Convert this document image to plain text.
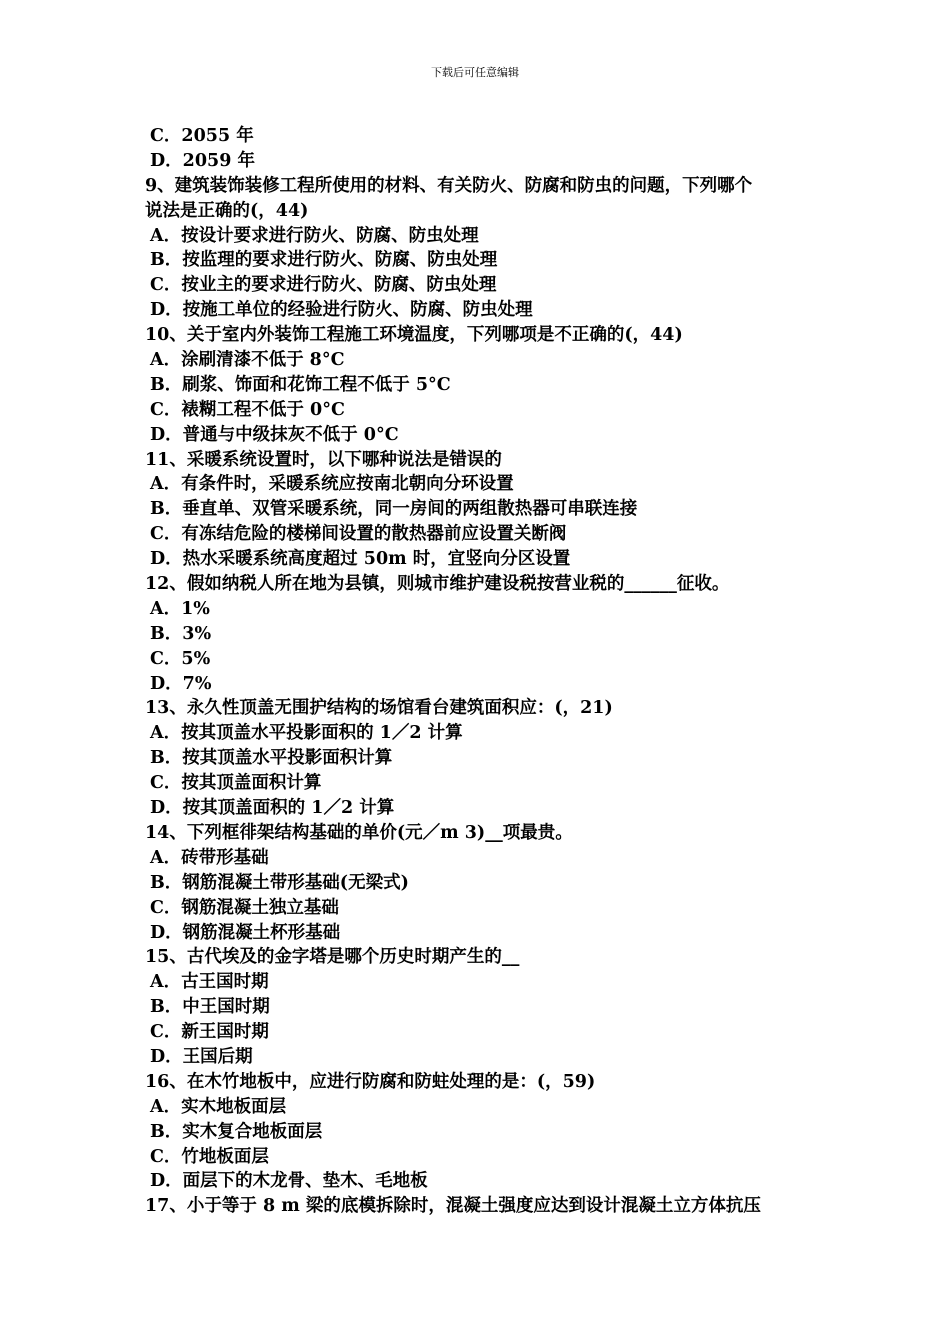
下载后可任意编辑
C．2055 年
D．2059 年
9、建筑装饰装修工程所使用的材料、有关防火、防腐和防虫的问题，下列哪个
说法是正确的(，44)
A．按设计要求进行防火、防腐、防虫处理
B．按监理的要求进行防火、防腐、防虫处理
C．按业主的要求进行防火、防腐、防虫处理
D．按施工单位的经验进行防火、防腐、防虫处理
10、关于室内外装饰工程施工环境温度，下列哪项是不正确的(，44)
A．涂刷清漆不低于 8°C
B．刷浆、饰面和花饰工程不低于 5°C
C．裱糊工程不低于 0°C
D．普通与中级抹灰不低于 0°C
11、采暖系统设置时，以下哪种说法是错误的
A．有条件时，采暖系统应按南北朝向分环设置
B．垂直单、双管采暖系统，同一房间的两组散热器可串联连接
C．有冻结危险的楼梯间设置的散热器前应设置关断阀
D．热水采暖系统高度超过 50m 时，宜竖向分区设置
12、假如纳税人所在地为县镇，则城市维护建设税按营业税的______征收。
A．1%
B．3%
C．5%
D．7%
13、永久性顶盖无围护结构的场馆看台建筑面积应：(，21)
A．按其顶盖水平投影面积的 1／2 计算
B．按其顶盖水平投影面积计算
C．按其顶盖面积计算
D．按其顶盖面积的 1／2 计算
14、下列框徘架结构基础的单价(元／m 3)__项最贵。
A．砖带形基础
B．钢筋混凝土带形基础(无梁式)
C．钢筋混凝土独立基础
D．钢筋混凝土杯形基础
15、古代埃及的金字塔是哪个历史时期产生的__
A．古王国时期
B．中王国时期
C．新王国时期
D．王国后期
16、在木竹地板中，应进行防腐和防蛀处理的是：(，59)
A．实木地板面层
B．实木复合地板面层
C．竹地板面层
D．面层下的木龙骨、垫木、毛地板
17、小于等于 8 m 梁的底模拆除时，混凝土强度应达到设计混凝土立方体抗压
